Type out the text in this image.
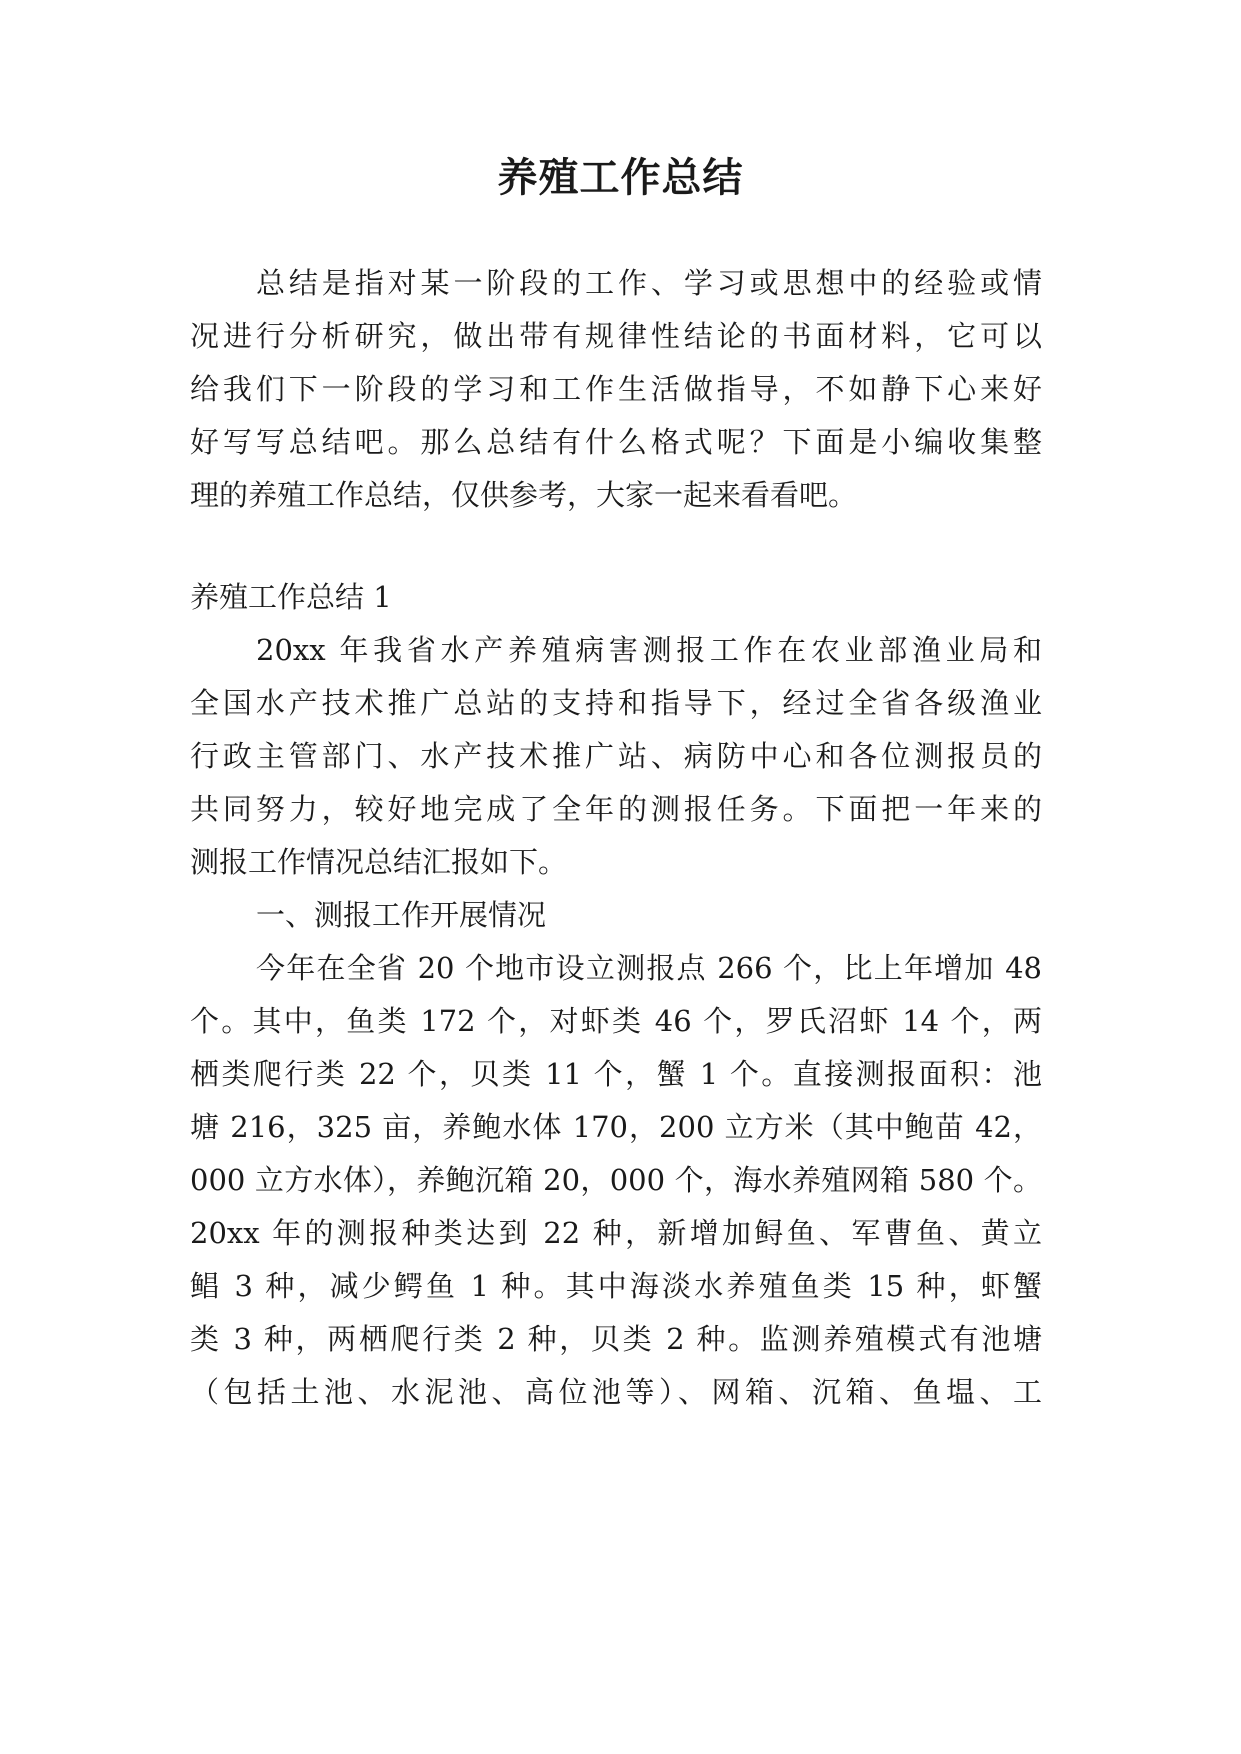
养殖工作总结
总结是指对某一阶段的工作、学习或思想中的经验或情
况进行分析研究，做出带有规律性结论的书面材料，它可以
给我们下一阶段的学习和工作生活做指导，不如静下心来好
好写写总结吧。那么总结有什么格式呢？下面是小编收集整
理的养殖工作总结，仅供参考，大家一起来看看吧。
养殖工作总结 1
20xx 年我省水产养殖病害测报工作在农业部渔业局和
全国水产技术推广总站的支持和指导下，经过全省各级渔业
行政主管部门、水产技术推广站、病防中心和各位测报员的
共同努力，较好地完成了全年的测报任务。下面把一年来的
测报工作情况总结汇报如下。
一、测报工作开展情况
今年在全省 20 个地市设立测报点 266 个，比上年增加 48
个。其中，鱼类 172 个，对虾类 46 个，罗氏沼虾 14 个，两
栖类爬行类 22 个，贝类 11 个，蟹 1 个。直接测报面积：池
塘 216，325 亩，养鲍水体 170，200 立方米（其中鲍苗 42，
000 立方水体），养鲍沉箱 20，000 个，海水养殖网箱 580 个。
20xx 年的测报种类达到 22 种，新增加鲟鱼、军曹鱼、黄立
鲳 3 种，减少鳄鱼 1 种。其中海淡水养殖鱼类 15 种，虾蟹
类 3 种，两栖爬行类 2 种，贝类 2 种。监测养殖模式有池塘
（包括土池、水泥池、高位池等）、网箱、沉箱、鱼塭、工
